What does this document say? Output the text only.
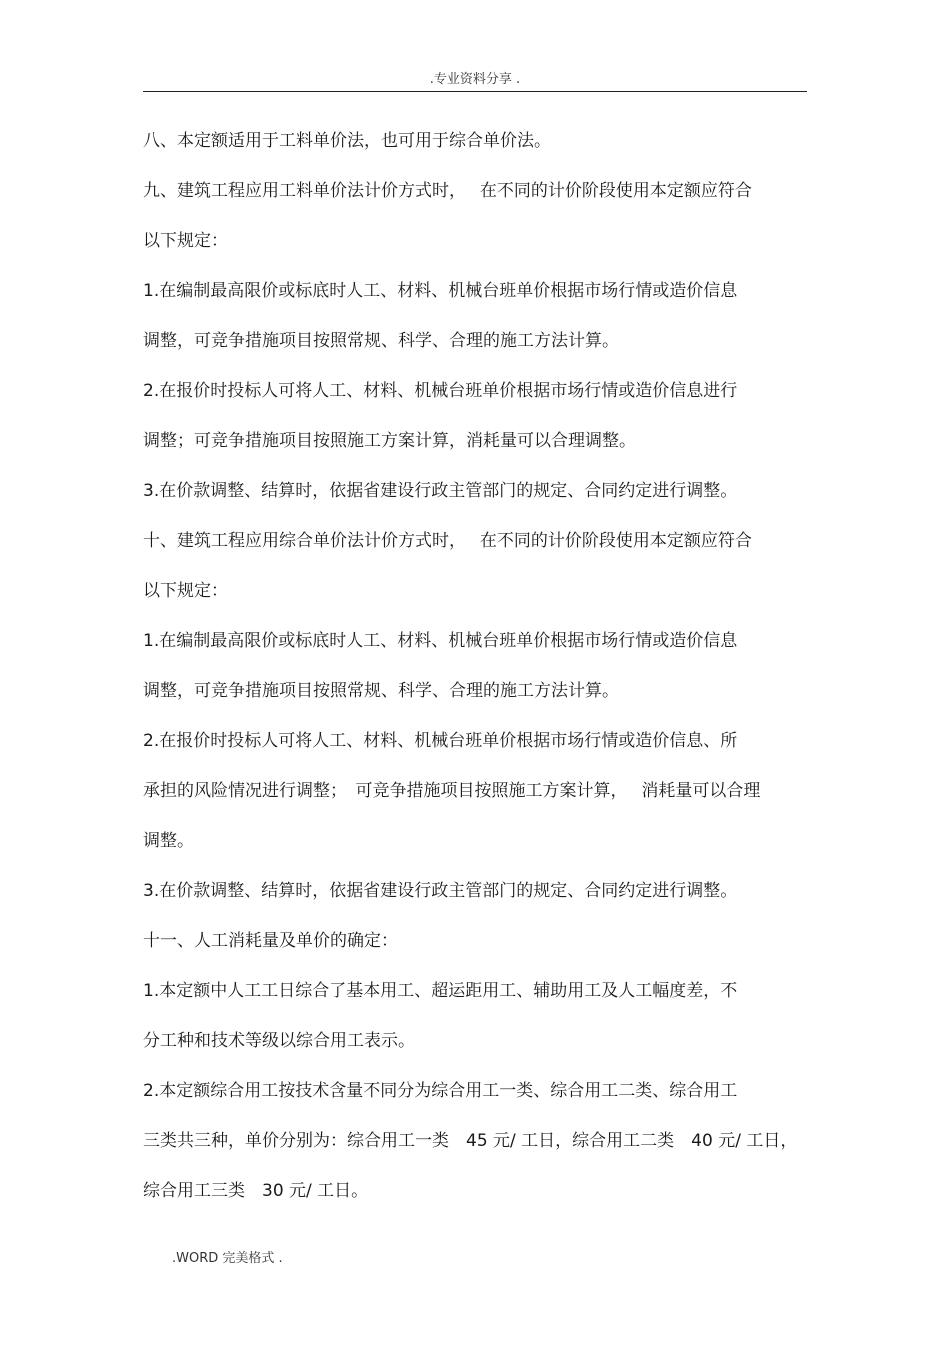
.专业资料分享 .
八、本定额适用于工料单价法，也可用于综合单价法。
九、建筑工程应用工料单价法计价方式时，　 在不同的计价阶段使用本定额应符合
以下规定：
1.在编制最高限价或标底时人工、材料、机械台班单价根据市场行情或造价信息
调整，可竞争措施项目按照常规、科学、合理的施工方法计算。
2.在报价时投标人可将人工、材料、机械台班单价根据市场行情或造价信息进行
调整；可竞争措施项目按照施工方案计算，消耗量可以合理调整。
3.在价款调整、结算时，依据省建设行政主管部门的规定、合同约定进行调整。
十、建筑工程应用综合单价法计价方式时，　 在不同的计价阶段使用本定额应符合
以下规定：
1.在编制最高限价或标底时人工、材料、机械台班单价根据市场行情或造价信息
调整，可竞争措施项目按照常规、科学、合理的施工方法计算。
2.在报价时投标人可将人工、材料、机械台班单价根据市场行情或造价信息、所
承担的风险情况进行调整；　可竞争措施项目按照施工方案计算，　 消耗量可以合理
调整。
3.在价款调整、结算时，依据省建设行政主管部门的规定、合同约定进行调整。
十一、人工消耗量及单价的确定：
1.本定额中人工工日综合了基本用工、超运距用工、辅助用工及人工幅度差，不
分工种和技术等级以综合用工表示。
2.本定额综合用工按技术含量不同分为综合用工一类、综合用工二类、综合用工
三类共三种，单价分别为：综合用工一类　45 元/ 工日，综合用工二类　40 元/ 工日，
综合用工三类　30 元/ 工日。
.WORD 完美格式 .
